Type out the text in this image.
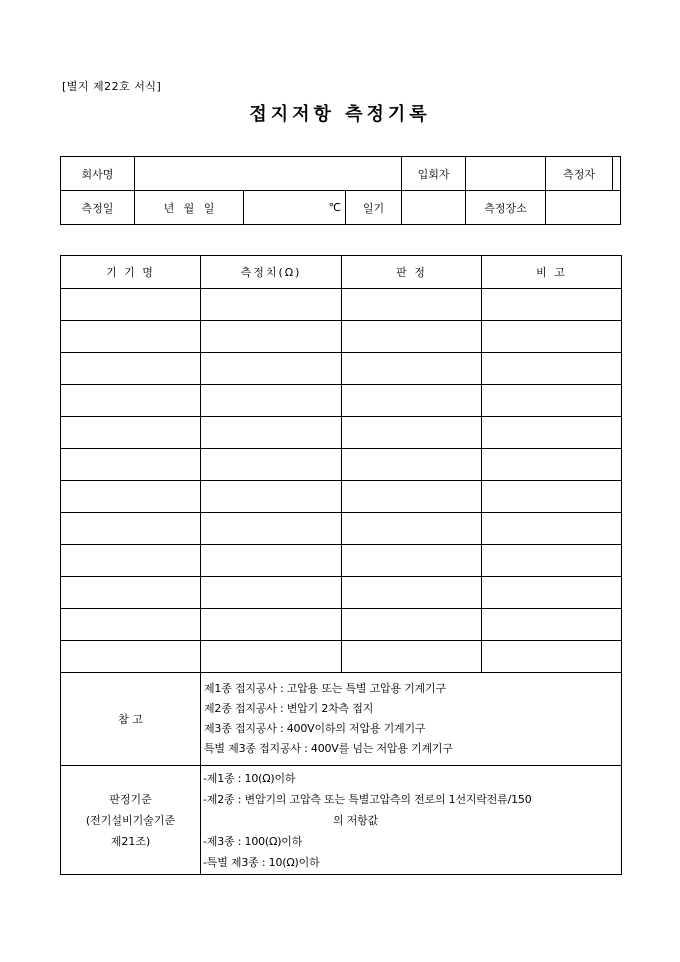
[별지 제22호 서식]
접지저항 측정기록
회사명				입회자		측정자	
측정일	년 월 일	℃	일기		측정장소		
기 기 명	측정치(Ω)	판 정	비 고

참 고	제1종 접지공사 : 고압용 또는 특별 고압용 기계기구
제2종 접지공사 : 변압기 2차측 접지
제3종 접지공사 : 400V이하의 저압용 기계기구
특별 제3종 접지공사 : 400V를 넘는 저압용 기계기구		

판정기준
(전기설비기술기준
제21조)	-제1종 : 10(Ω)이하
-제2종 : 변압기의 고압측 또는 특별고압측의 전로의 1선지락전류/150
의 저항값
-제3종 : 100(Ω)이하
-특별 제3종 : 10(Ω)이하		
